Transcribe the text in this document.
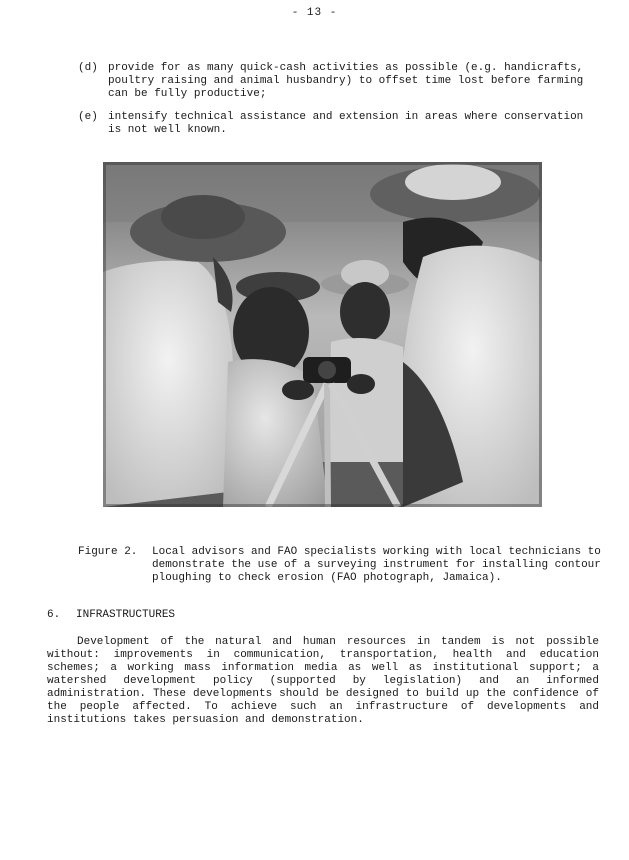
- 13 -
(d) provide for as many quick-cash activities as possible (e.g. handicrafts, poultry raising and animal husbandry) to offset time lost before farming can be fully productive;
(e) intensify technical assistance and extension in areas where conservation is not well known.
Figure 2. Local advisors and FAO specialists working with local technicians to demonstrate the use of a surveying instrument for installing contour ploughing to check erosion (FAO photograph, Jamaica).
6. INFRASTRUCTURES
Development of the natural and human resources in tandem is not possible without: improvements in communication, transportation, health and education schemes; a working mass information media as well as institutional support; a watershed development policy (supported by legislation) and an informed administration. These developments should be designed to build up the confidence of the people affected. To achieve such an infrastructure of developments and institutions takes persuasion and demonstration.
